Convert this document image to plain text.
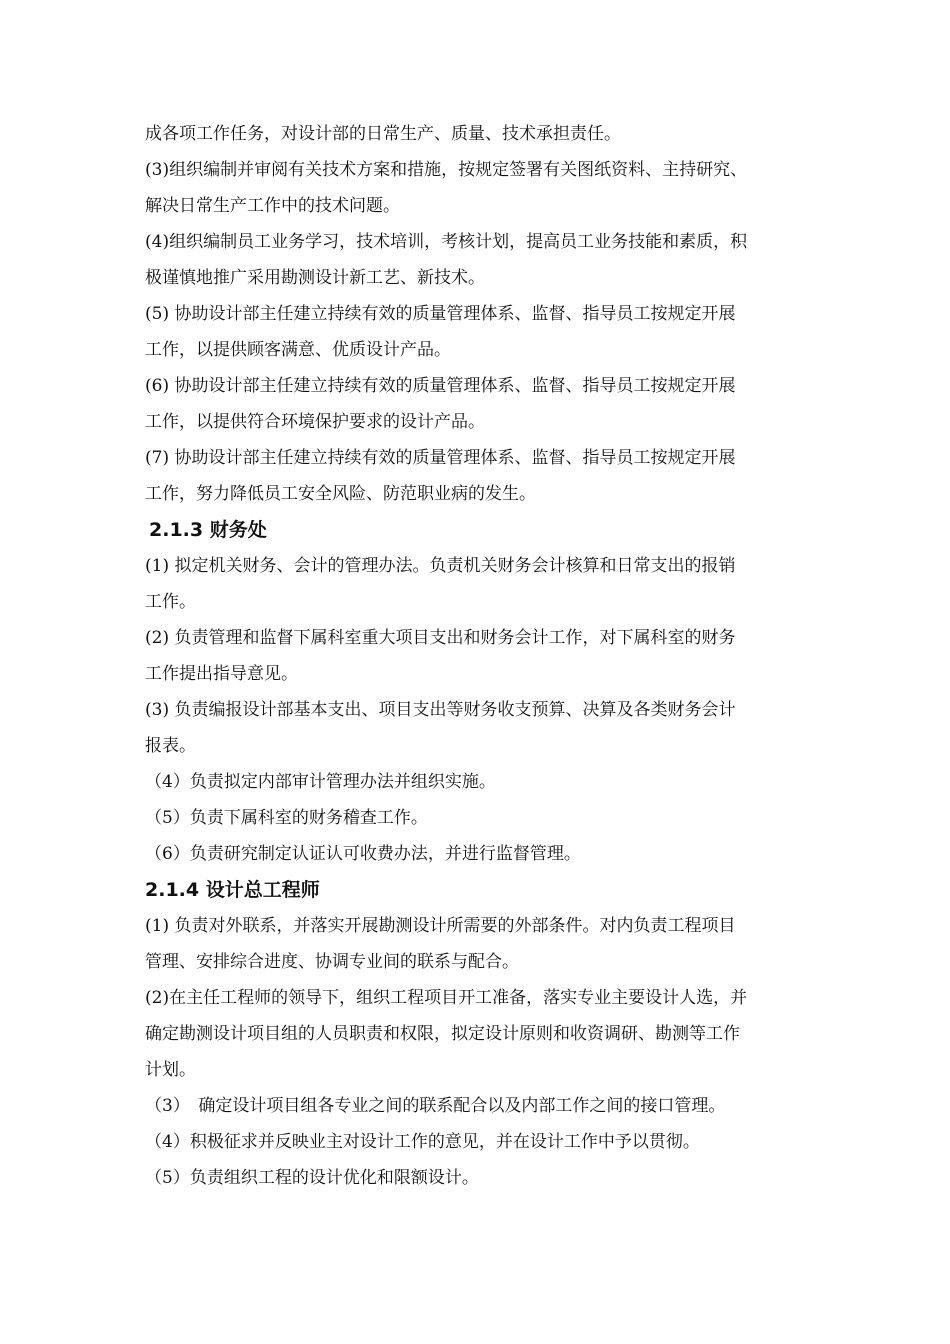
成各项工作任务，对设计部的日常生产、质量、技术承担责任。
(3)组织编制并审阅有关技术方案和措施，按规定签署有关图纸资料、主持研究、
解决日常生产工作中的技术问题。
(4)组织编制员工业务学习，技术培训，考核计划，提高员工业务技能和素质，积
极谨慎地推广采用勘测设计新工艺、新技术。
(5) 协助设计部主任建立持续有效的质量管理体系、监督、指导员工按规定开展
工作，以提供顾客满意、优质设计产品。
(6) 协助设计部主任建立持续有效的质量管理体系、监督、指导员工按规定开展
工作，以提供符合环境保护要求的设计产品。
(7) 协助设计部主任建立持续有效的质量管理体系、监督、指导员工按规定开展
工作，努力降低员工安全风险、防范职业病的发生。
2.1.3 财务处
(1) 拟定机关财务、会计的管理办法。负责机关财务会计核算和日常支出的报销
工作。
(2) 负责管理和监督下属科室重大项目支出和财务会计工作，对下属科室的财务
工作提出指导意见。
(3) 负责编报设计部基本支出、项目支出等财务收支预算、决算及各类财务会计
报表。
（4）负责拟定内部审计管理办法并组织实施。
（5）负责下属科室的财务稽查工作。
（6）负责研究制定认证认可收费办法，并进行监督管理。
2.1.4 设计总工程师
(1) 负责对外联系，并落实开展勘测设计所需要的外部条件。对内负责工程项目
管理、安排综合进度、协调专业间的联系与配合。
(2)在主任工程师的领导下，组织工程项目开工准备，落实专业主要设计人选，并
确定勘测设计项目组的人员职责和权限，拟定设计原则和收资调研、勘测等工作
计划。
（3）　确定设计项目组各专业之间的联系配合以及内部工作之间的接口管理。
（4）积极征求并反映业主对设计工作的意见，并在设计工作中予以贯彻。
（5）负责组织工程的设计优化和限额设计。
